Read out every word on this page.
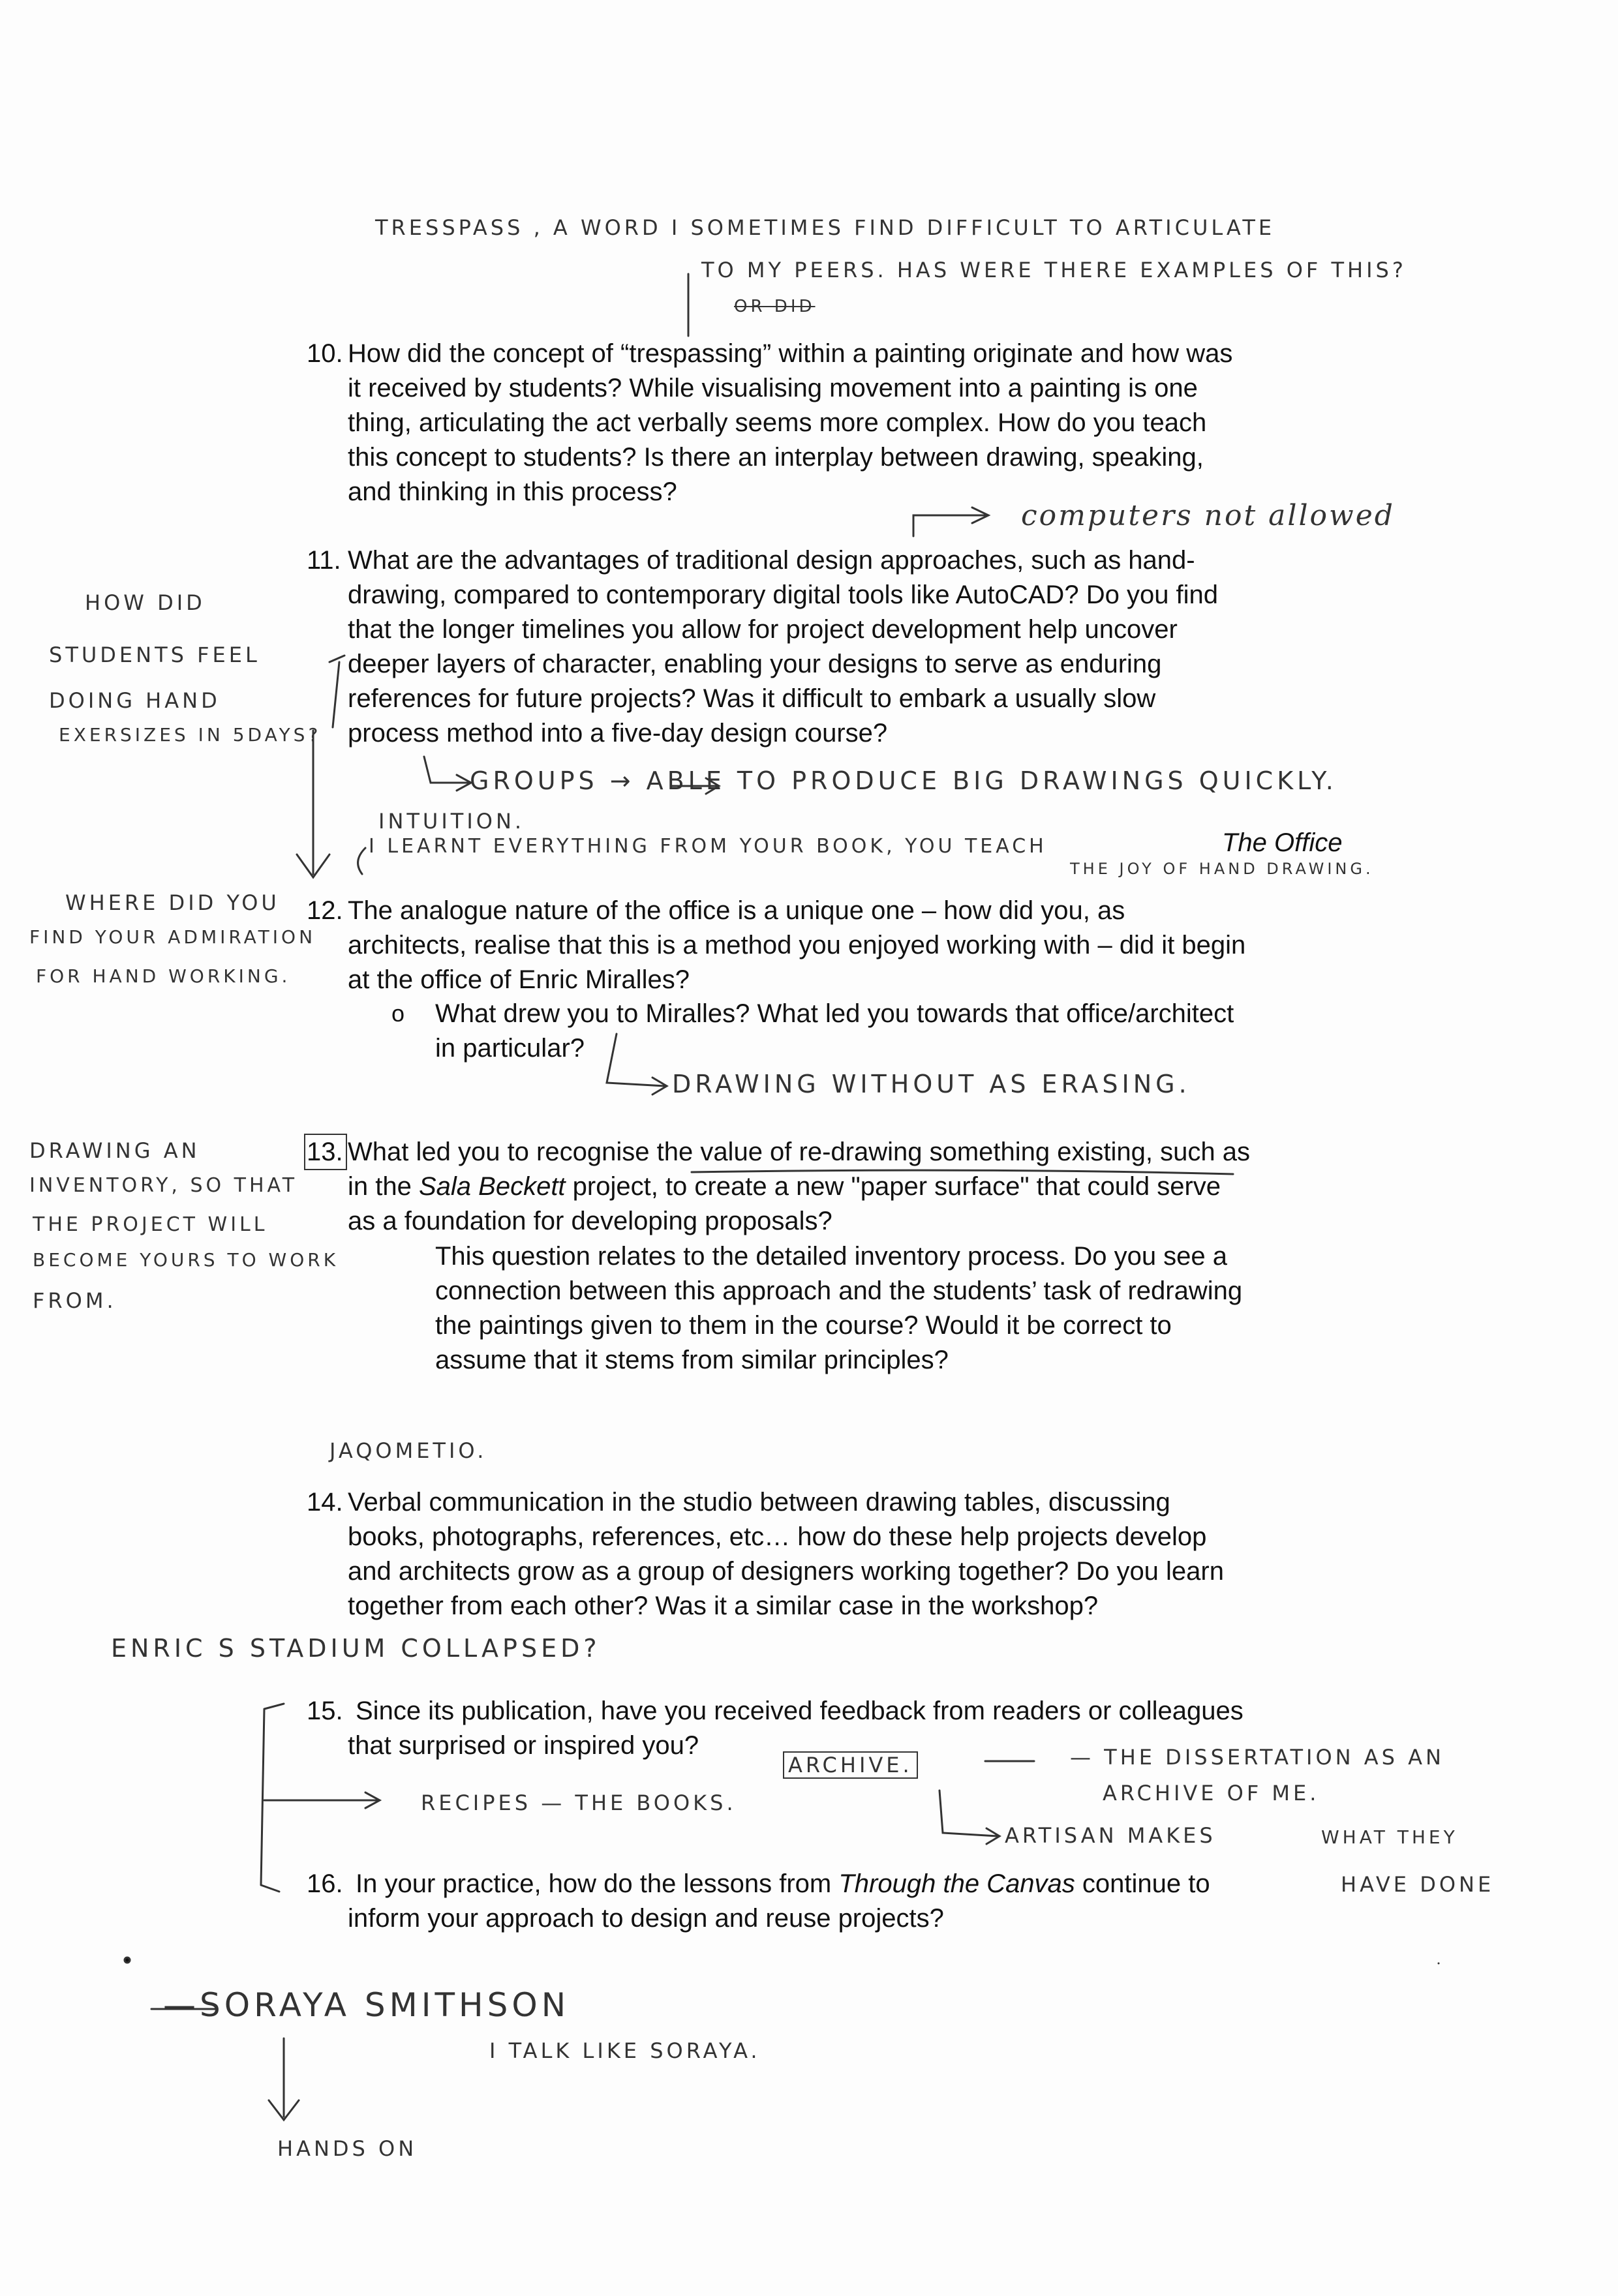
TRESSPASS , A WORD I SOMETIMES FIND DIFFICULT TO ARTICULATE
TO MY PEERS. HAS WERE THERE EXAMPLES OF THIS?
OR DID
computers not allowed
HOW DID
STUDENTS FEEL
DOING HAND
EXERSIZES IN 5DAYS?
GROUPS → ABLE TO PRODUCE BIG DRAWINGS QUICKLY.
INTUITION.
I LEARNT EVERYTHING FROM YOUR BOOK, YOU TEACH	The Office
THE JOY OF HAND DRAWING.
WHERE DID YOU
FIND YOUR ADMIRATION
FOR HAND WORKING.
DRAWING WITHOUT AS ERASING.
DRAWING AN
INVENTORY, SO THAT
THE PROJECT WILL
BECOME YOURS TO WORK
FROM.
JAQOMETIO.
ENRIC S STADIUM COLLAPSED?
ARCHIVE.	— THE DISSERTATION AS AN
ARCHIVE OF ME.
RECIPES — THE BOOKS.
ARTISAN MAKES	WHAT THEY
HAVE DONE
—SORAYA SMITHSON
I TALK LIKE SORAYA.
HANDS ON
10. How did the concept of “trespassing” within a painting originate and how was

it received by students? While visualising movement into a painting is one

thing, articulating the act verbally seems more complex. How do you teach

this concept to students? Is there an interplay between drawing, speaking,

and thinking in this process?

11. What are the advantages of traditional design approaches, such as hand-

drawing, compared to contemporary digital tools like AutoCAD? Do you find

that the longer timelines you allow for project development help uncover

deeper layers of character, enabling your designs to serve as enduring

references for future projects? Was it difficult to embark a usually slow

process method into a five-day design course?

12. The analogue nature of the office is a unique one – how did you, as

architects, realise that this is a method you enjoyed working with – did it begin

at the office of Enric Miralles?

o What drew you to Miralles? What led you towards that office/architect

in particular?

13. What led you to recognise the value of re-drawing something existing, such as

in the Sala Beckett project, to create a new "paper surface" that could serve

as a foundation for developing proposals?

This question relates to the detailed inventory process. Do you see a

connection between this approach and the students’ task of redrawing

the paintings given to them in the course? Would it be correct to

assume that it stems from similar principles?

14. Verbal communication in the studio between drawing tables, discussing

books, photographs, references, etc… how do these help projects develop

and architects grow as a group of designers working together? Do you learn

together from each other? Was it a similar case in the workshop?

15. Since its publication, have you received feedback from readers or colleagues

that surprised or inspired you?

16. In your practice, how do the lessons from Through the Canvas continue to

inform your approach to design and reuse projects?
